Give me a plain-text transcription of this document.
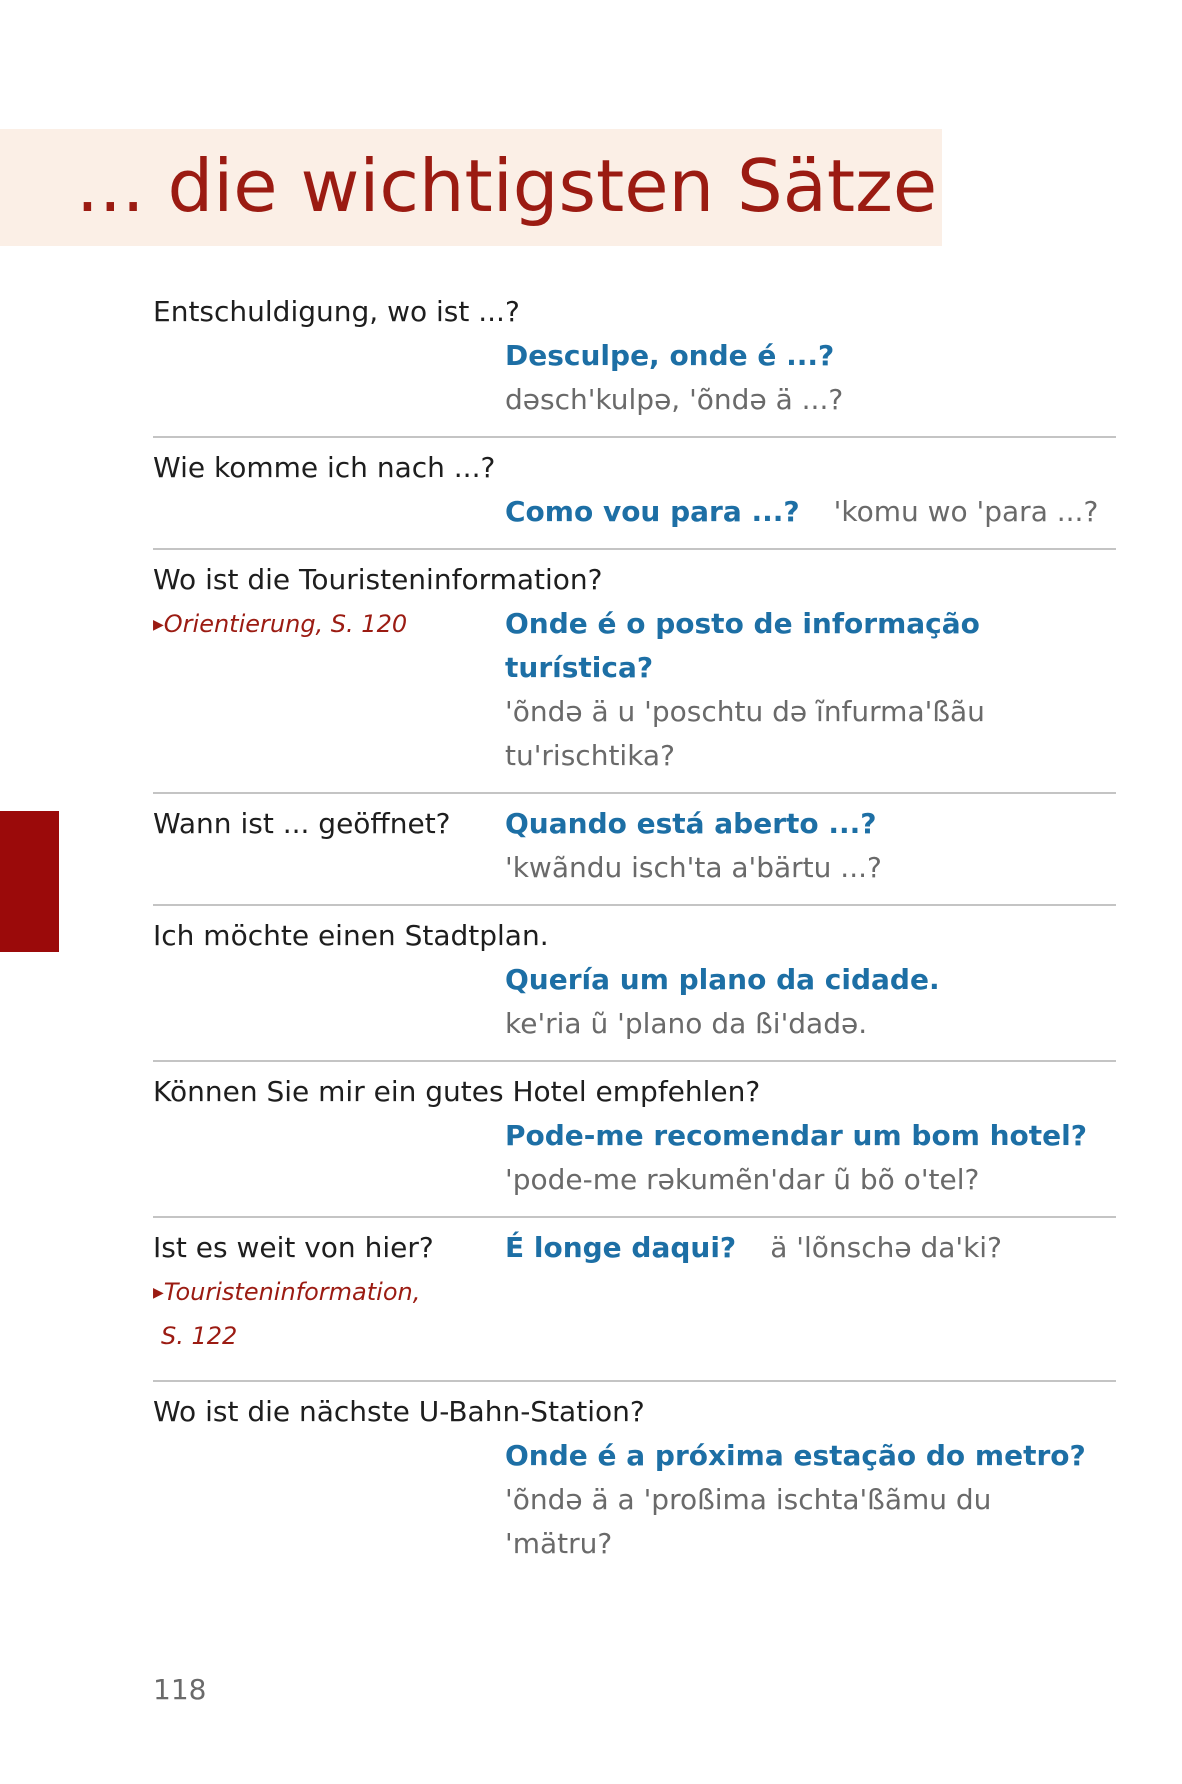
... die wichtigsten Sätze
Entschuldigung, wo ist ...?
Desculpe, onde é ...?
dəsch'kulpə, 'õndə ä ...?
Wie komme ich nach ...?
Como vou para ...? 'komu wo 'para ...?
Wo ist die Touristeninformation?
▶Orientierung, S. 120	Onde é o posto de informação turística?
'õndə ä u 'poschtu də ĩnfurma'ßãu
tu'rischtika?
Wann ist ... geöffnet?	Quando está aberto ...?
'kwãndu isch'ta a'bärtu ...?
Ich möchte einen Stadtplan.
Quería um plano da cidade.
ke'ria ũ 'plano da ßi'dadə.
Können Sie mir ein gutes Hotel empfehlen?
Pode-me recomendar um bom hotel?
'pode-me rəkumẽn'dar ũ bõ o'tel?
Ist es weit von hier?	É longe daqui? ä 'lõnschə da'ki?
▶Touristeninformation,
S. 122
Wo ist die nächste U-Bahn-Station?
Onde é a próxima estação do metro?
'õndə ä a 'proßima ischta'ßãmu du
'mätru?
118
